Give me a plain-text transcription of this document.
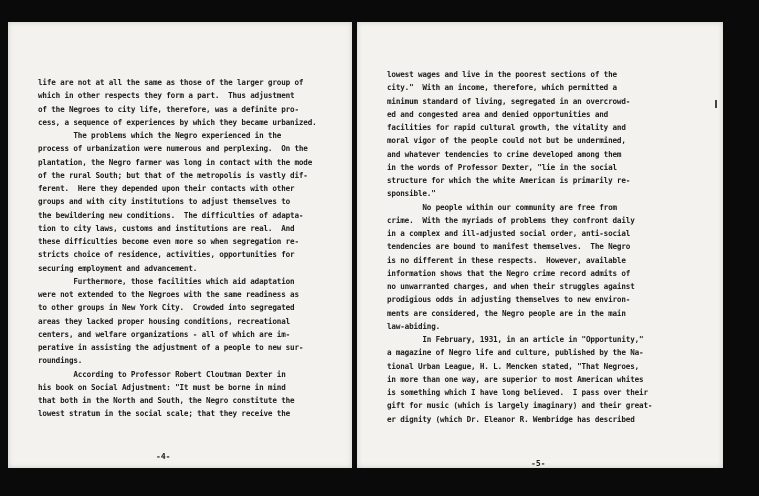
life are not at all the same as those of the larger group of
which in other respects they form a part.  Thus adjustment
of the Negroes to city life, therefore, was a definite pro-
cess, a sequence of experiences by which they became urbanized.
The problems which the Negro experienced in the
process of urbanization were numerous and perplexing.  On the
plantation, the Negro farmer was long in contact with the mode
of the rural South; but that of the metropolis is vastly dif-
ferent.  Here they depended upon their contacts with other
groups and with city institutions to adjust themselves to
the bewildering new conditions.  The difficulties of adapta-
tion to city laws, customs and institutions are real.  And
these difficulties become even more so when segregation re-
stricts choice of residence, activities, opportunities for
securing employment and advancement.
Furthermore, those facilities which aid adaptation
were not extended to the Negroes with the same readiness as
to other groups in New York City.  Crowded into segregated
areas they lacked proper housing conditions, recreational
centers, and welfare organizations - all of which are im-
perative in assisting the adjustment of a people to new sur-
roundings.
According to Professor Robert Cloutman Dexter in
his book on Social Adjustment: "It must be borne in mind
that both in the North and South, the Negro constitute the
lowest stratum in the social scale; that they receive the
-4-
lowest wages and live in the poorest sections of the
city."  With an income, therefore, which permitted a
minimum standard of living, segregated in an overcrowd-
ed and congested area and denied opportunities and
facilities for rapid cultural growth, the vitality and
moral vigor of the people could not but be undermined,
and whatever tendencies to crime developed among them
in the words of Professor Dexter, "lie in the social
structure for which the white American is primarily re-
sponsible."
No people within our community are free from
crime.  With the myriads of problems they confront daily
in a complex and ill-adjusted social order, anti-social
tendencies are bound to manifest themselves.  The Negro
is no different in these respects.  However, available
information shows that the Negro crime record admits of
no unwarranted charges, and when their struggles against
prodigious odds in adjusting themselves to new environ-
ments are considered, the Negro people are in the main
law-abiding.
In February, 1931, in an article in "Opportunity,"
a magazine of Negro life and culture, published by the Na-
tional Urban League, H. L. Mencken stated, "That Negroes,
in more than one way, are superior to most American whites
is something which I have long believed.  I pass over their
gift for music (which is largely imaginary) and their great-
er dignity (which Dr. Eleanor R. Wembridge has described
-5-
